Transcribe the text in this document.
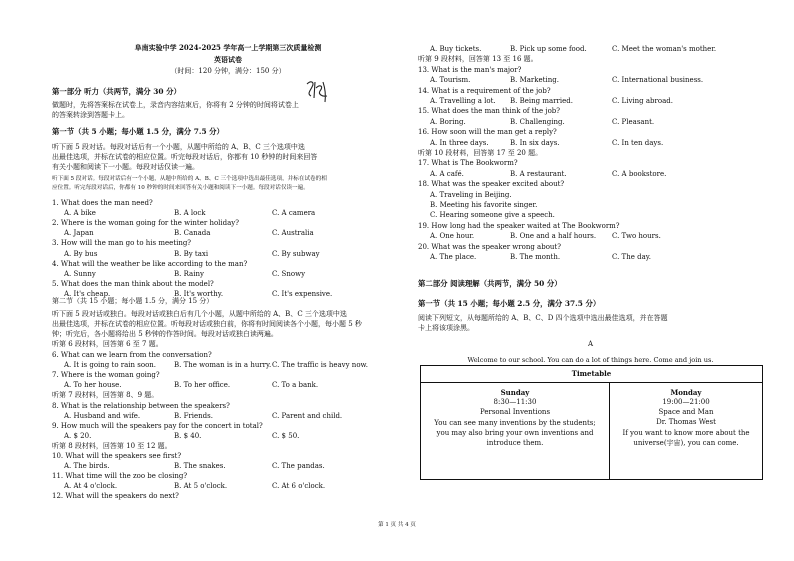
阜南实验中学 2024-2025 学年高一上学期第三次质量检测
英语试卷
（时间：120 分钟，满分：150 分）
第一部分 听力（共两节，满分 30 分）
做题时，先将答案标在试卷上，录音内容结束后，你将有 2 分钟的时间将试卷上
的答案转涂到答题卡上。
第一节（共 5 小题；每小题 1.5 分，满分 7.5 分）
听下面 5 段对话。每段对话后有一个小题，从题中所给的 A、B、C 三个选项中选
出最佳选项，并标在试卷的相应位置。听完每段对话后，你都有 10 秒钟的时间来回答
有关小题和阅读下一小题。每段对话仅读一遍。
听下面 5 段对话。每段对话后有一个小题，从题中所给的 A、B、C 三个选项中选出最佳选项，并标在试卷的相
应位置。听完每段对话后，你都有 10 秒钟的时间来回答有关小题和阅读下一小题。每段对话仅读一遍。
1. What does the man need?
A. A bike	B. A lock	C. A camera
2. Where is the woman going for the winter holiday?
A. Japan	B. Canada	C. Australia
3. How will the man go to his meeting?
A. By bus	B. By taxi	C. By subway
4. What will the weather be like according to the man?
A. Sunny	B. Rainy	C. Snowy
5. What does the man think about the model?
A. It's cheap.	B. It's worthy.	C. It's expensive.
第二节（共 15 小题；每小题 1.5 分，满分 15 分）
听下面 5 段对话或独白。每段对话或独白后有几个小题，从题中所给的 A、B、C 三个选项中选
出最佳选项，并标在试卷的相应位置。听每段对话或独白前，你将有时间阅读各个小题，每小题 5 秒
钟；听完后，各小题将给出 5 秒钟的作答时间。每段对话或独白读两遍。
听第 6 段材料，回答第 6 至 7 题。
6. What can we learn from the conversation?
A. It is going to rain soon.	B. The woman is in a hurry. C. The traffic is heavy now.
7. Where is the woman going?
A. To her house.	B. To her office.	C. To a bank.
听第 7 段材料，回答第 8、9 题。
8. What is the relationship between the speakers?
A. Husband and wife.	B. Friends.	C. Parent and child.
9. How much will the speakers pay for the concert in total?
A. $ 20.	B. $ 40.	C. $ 50.
听第 8 段材料，回答第 10 至 12 题。
10. What will the speakers see first?
A. The birds.	B. The snakes.	C. The pandas.
11. What time will the zoo be closing?
A. At 4 o'clock.	B. At 5 o'clock.	C. At 6 o'clock.
12. What will the speakers do next?
A. Buy tickets.	B. Pick up some food.	C. Meet the woman's mother.
听第 9 段材料，回答第 13 至 16 题。
13. What is the man's major?
A. Tourism.	B. Marketing.	C. International business.
14. What is a requirement of the job?
A. Travelling a lot. B. Being married.	C. Living abroad.
15. What does the man think of the job?
A. Boring.	B. Challenging.	C. Pleasant.
16. How soon will the man get a reply?
A. In three days.	B. In six days.	C. In ten days.
听第 10 段材料，回答第 17 至 20 题。
17. What is The Bookworm?
A. A café.	B. A restaurant.	C. A bookstore.
18. What was the speaker excited about?
A. Traveling in Beijing.
B. Meeting his favorite singer.
C. Hearing someone give a speech.
19. How long had the speaker waited at The Bookworm?
A. One hour.	B. One and a half hours. C. Two hours.
20. What was the speaker wrong about?
A. The place.	B. The month.	C. The day.
第二部分 阅读理解（共两节，满分 50 分）
第一节（共 15 小题；每小题 2.5 分，满分 37.5 分）
阅读下列短文，从每题所给的 A、B、C、D 四个选项中选出最佳选项，并在答题
卡上将该项涂黑。
A
Welcome to our school. You can do a lot of things here. Come and join us.
Timetable
Sunday
8:30—11:30
Personal Inventions
You can see many inventions by the students;
you may also bring your own inventions and
introduce them.
Monday
19:00—21:00
Space and Man
Dr. Thomas West
If you want to know more about the
universe(宇宙), you can come.
第 1 页 共 4 页
